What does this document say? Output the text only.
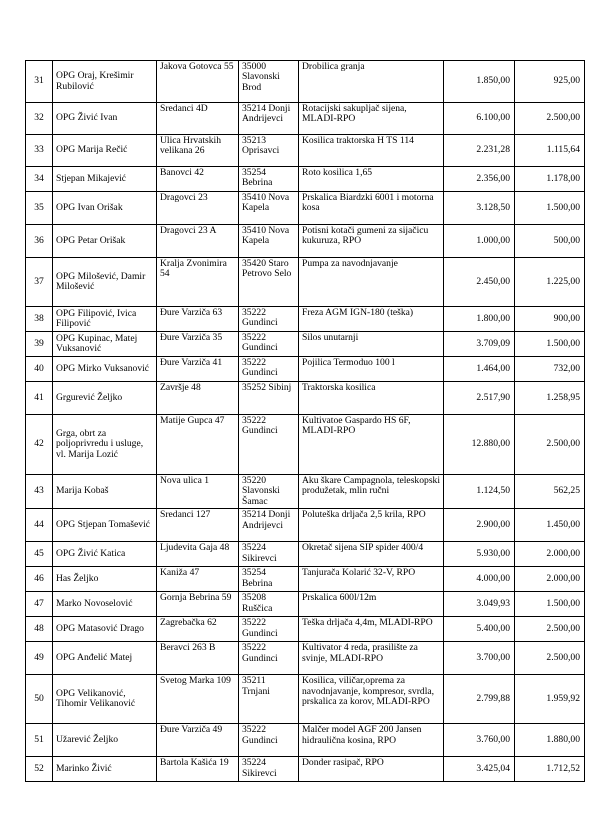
31	OPG Oraj, Krešimir Rubilović	Jakova Gotovca 55	35000 Slavonski Brod	Drobilica granja	1.850,00	925,00
32	OPG Živić Ivan	Sredanci 4D	35214 Donji Andrijevci	Rotacijski sakupljač sijena, MLADI-RPO	6.100,00	2.500,00
33	OPG Marija Rečić	Ulica Hrvatskih velikana 26	35213 Oprisavci	Kosilica traktorska H TS 114	2.231,28	1.115,64
34	Stjepan Mikajević	Banovci 42	35254 Bebrina	Roto kosilica 1,65	2.356,00	1.178,00
35	OPG Ivan Orišak	Dragovci 23	35410 Nova Kapela	Prskalica Biardzki 6001 i motorna kosa	3.128,50	1.500,00
36	OPG Petar Orišak	Dragovci 23 A	35410 Nova Kapela	Potisni kotači gumeni za sijačicu kukuruza, RPO	1.000,00	500,00
37	OPG Milošević, Damir Milošević	Kralja Zvonimira 54	35420 Staro Petrovo Selo	Pumpa za navodnjavanje	2.450,00	1.225,00
38	OPG Filipović, Ivica Filipović	Đure Varziča 63	35222 Gundinci	Freza AGM IGN-180 (teška)	1.800,00	900,00
39	OPG Kupinac, Matej Vuksanović	Đure Varziča 35	35222 Gundinci	Silos unutarnji	3.709,09	1.500,00
40	OPG Mirko Vuksanović	Đure Varziča 41	35222 Gundinci	Pojilica Termoduo 100 l	1.464,00	732,00
41	Grgurević Željko	Završje 48	35252 Sibinj	Traktorska kosilica	2.517,90	1.258,95
42	Grga, obrt za poljoprivredu i usluge, vl. Marija Lozić	Matije Gupca 47	35222 Gundinci	Kultivatoe Gaspardo HS 6F, MLADI-RPO	12.880,00	2.500,00
43	Marija Kobaš	Nova ulica 1	35220 Slavonski Šamac	Aku škare Campagnola, teleskopski produžetak, mlin ručni	1.124,50	562,25
44	OPG Stjepan Tomašević	Sredanci 127	35214 Donji Andrijevci	Poluteška drljača 2,5 krila, RPO	2.900,00	1.450,00
45	OPG Živić Katica	Ljudevita Gaja 48	35224 Sikirevci	Okretač sijena SIP spider 400/4	5.930,00	2.000,00
46	Has Željko	Kaniža 47	35254 Bebrina	Tanjurača Kolarić 32-V, RPO	4.000,00	2.000,00
47	Marko Novoselović	Gornja Bebrina 59	35208 Ruščica	Prskalica 600l/12m	3.049,93	1.500,00
48	OPG Matasović Drago	Zagrebačka 62	35222 Gundinci	Teška drljača 4,4m, MLADI-RPO	5.400,00	2.500,00
49	OPG Anđelić Matej	Beravci 263 B	35222 Gundinci	Kultivator 4 reda, prasilište za svinje, MLADI-RPO	3.700,00	2.500,00
50	OPG Velikanović, Tihomir Velikanović	Svetog Marka 109	35211 Trnjani	Kosilica, viličar,oprema za navodnjavanje, kompresor, svrdla, prskalica za korov, MLADI-RPO	2.799,88	1.959,92
51	Užarević Željko	Đure Varziča 49	35222 Gundinci	Malčer model AGF 200 Jansen hidraulična kosina, RPO	3.760,00	1.880,00
52	Marinko Živić	Bartola Kašića 19	35224 Sikirevci	Donder rasipač, RPO	3.425,04	1.712,52
